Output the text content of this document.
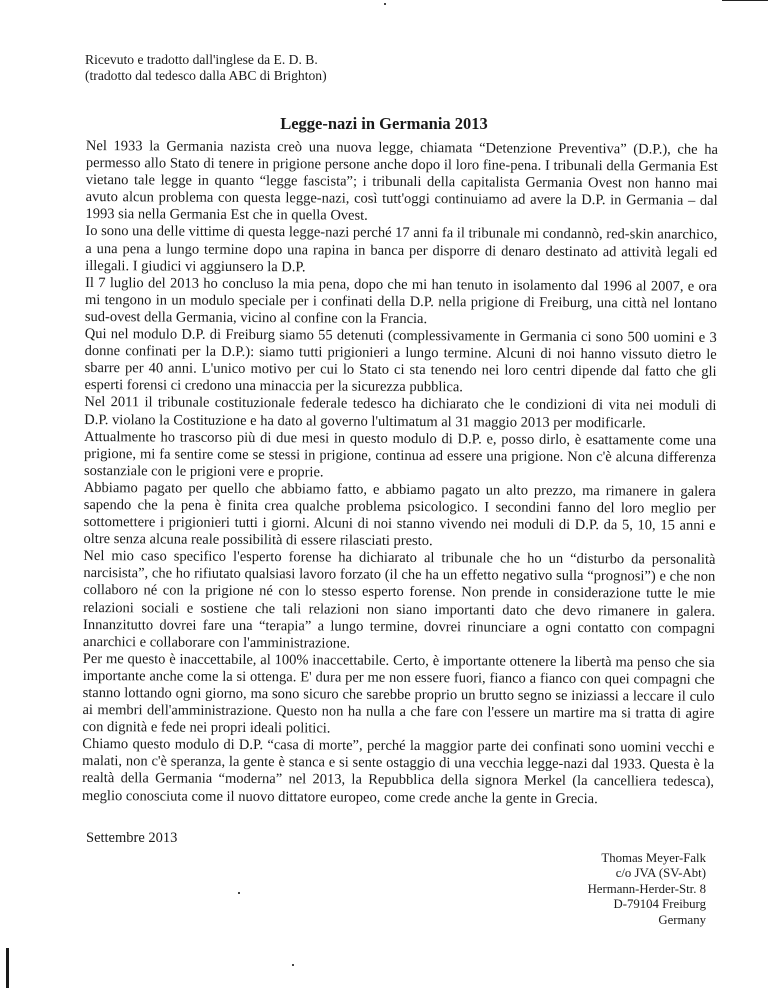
Ricevuto e tradotto dall'inglese da E. D. B.
(tradotto dal tedesco dalla ABC di Brighton)
Legge-nazi in Germania 2013

Nel 1933 la Germania nazista creò una nuova legge, chiamata “Detenzione Preventiva” (D.P.), che ha permesso allo Stato di tenere in prigione persone anche dopo il loro fine-pena. I tribunali della Germania Est vietano tale legge in quanto “legge fascista”; i tribunali della capitalista Germania Ovest non hanno mai avuto alcun problema con questa legge-nazi, così tutt'oggi continuiamo ad avere la D.P. in Germania – dal 1993 sia nella Germania Est che in quella Ovest.

Io sono una delle vittime di questa legge-nazi perché 17 anni fa il tribunale mi condannò, red-skin anarchico, a una pena a lungo termine dopo una rapina in banca per disporre di denaro destinato ad attività legali ed illegali. I giudici vi aggiunsero la D.P.

Il 7 luglio del 2013 ho concluso la mia pena, dopo che mi han tenuto in isolamento dal 1996 al 2007, e ora mi tengono in un modulo speciale per i confinati della D.P. nella prigione di Freiburg, una città nel lontano sud-ovest della Germania, vicino al confine con la Francia.

Qui nel modulo D.P. di Freiburg siamo 55 detenuti (complessivamente in Germania ci sono 500 uomini e 3 donne confinati per la D.P.): siamo tutti prigionieri a lungo termine. Alcuni di noi hanno vissuto dietro le sbarre per 40 anni. L'unico motivo per cui lo Stato ci sta tenendo nei loro centri dipende dal fatto che gli esperti forensi ci credono una minaccia per la sicurezza pubblica.

Nel 2011 il tribunale costituzionale federale tedesco ha dichiarato che le condizioni di vita nei moduli di D.P. violano la Costituzione e ha dato al governo l'ultimatum al 31 maggio 2013 per modificarle.

Attualmente ho trascorso più di due mesi in questo modulo di D.P. e, posso dirlo, è esattamente come una prigione, mi fa sentire come se stessi in prigione, continua ad essere una prigione. Non c'è alcuna differenza sostanziale con le prigioni vere e proprie.

Abbiamo pagato per quello che abbiamo fatto, e abbiamo pagato un alto prezzo, ma rimanere in galera sapendo che la pena è finita crea qualche problema psicologico. I secondini fanno del loro meglio per sottomettere i prigionieri tutti i giorni. Alcuni di noi stanno vivendo nei moduli di D.P. da 5, 10, 15 anni e oltre senza alcuna reale possibilità di essere rilasciati presto.

Nel mio caso specifico l'esperto forense ha dichiarato al tribunale che ho un “disturbo da personalità narcisista”, che ho rifiutato qualsiasi lavoro forzato (il che ha un effetto negativo sulla “prognosi”) e che non collaboro né con la prigione né con lo stesso esperto forense. Non prende in considerazione tutte le mie relazioni sociali e sostiene che tali relazioni non siano importanti dato che devo rimanere in galera. Innanzitutto dovrei fare una “terapia” a lungo termine, dovrei rinunciare a ogni contatto con compagni anarchici e collaborare con l'amministrazione.

Per me questo è inaccettabile, al 100% inaccettabile. Certo, è importante ottenere la libertà ma penso che sia importante anche come la si ottenga. E' dura per me non essere fuori, fianco a fianco con quei compagni che stanno lottando ogni giorno, ma sono sicuro che sarebbe proprio un brutto segno se iniziassi a leccare il culo ai membri dell'amministrazione. Questo non ha nulla a che fare con l'essere un martire ma si tratta di agire con dignità e fede nei propri ideali politici.

Chiamo questo modulo di D.P. “casa di morte”, perché la maggior parte dei confinati sono uomini vecchi e malati, non c'è speranza, la gente è stanca e si sente ostaggio di una vecchia legge-nazi dal 1933. Questa è la realtà della Germania “moderna” nel 2013, la Repubblica della signora Merkel (la cancelliera tedesca), meglio conosciuta come il nuovo dittatore europeo, come crede anche la gente in Grecia.

Settembre 2013
Thomas Meyer-Falk
c/o JVA (SV-Abt)
Hermann-Herder-Str. 8
D-79104 Freiburg
Germany
